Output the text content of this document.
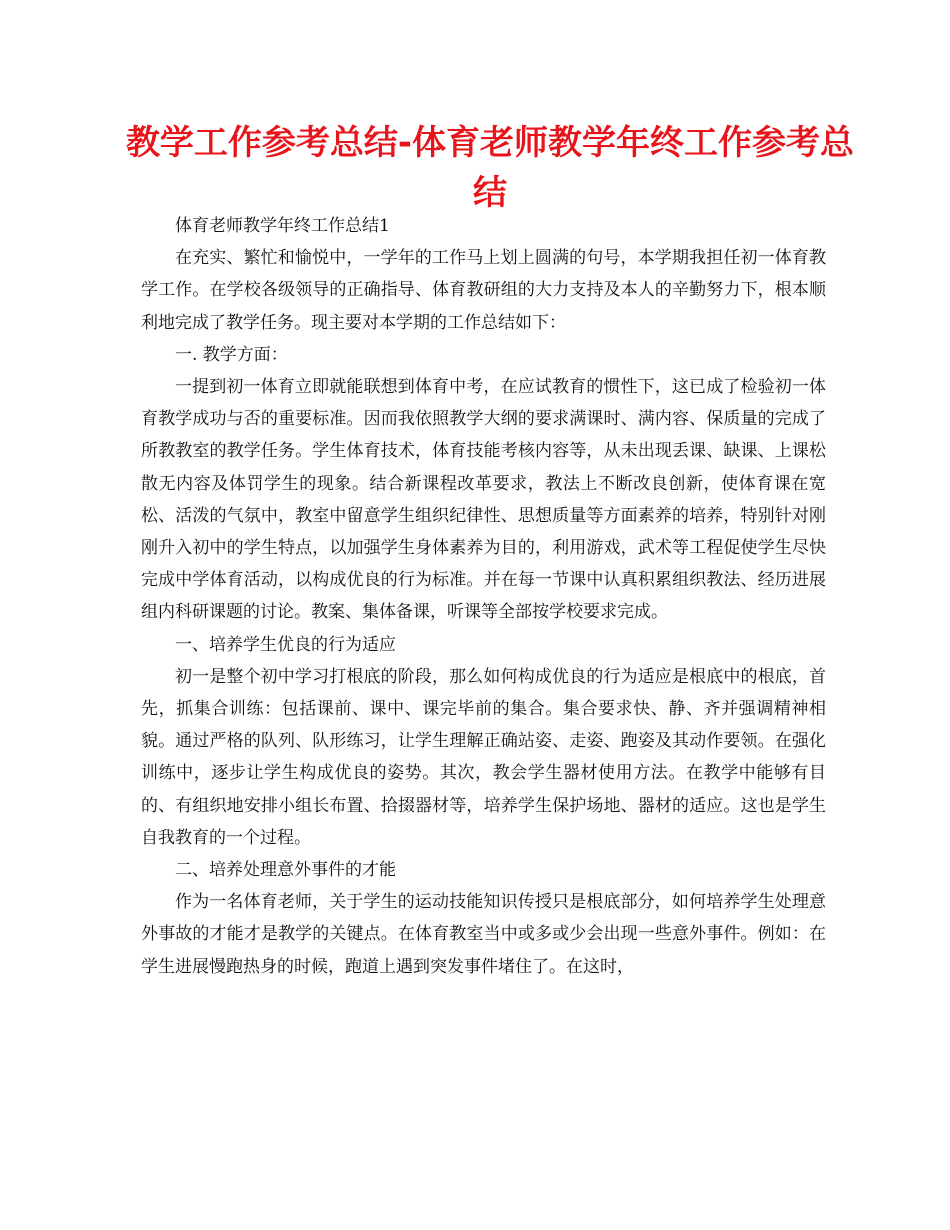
教学工作参考总结-体育老师教学年终工作参考总结

体育老师教学年终工作总结1

在充实、繁忙和愉悦中，一学年的工作马上划上圆满的句号，本学期我担任初一体育教学工作。在学校各级领导的正确指导、体育教研组的大力支持及本人的辛勤努力下，根本顺利地完成了教学任务。现主要对本学期的工作总结如下：

一. 教学方面：

一提到初一体育立即就能联想到体育中考，在应试教育的惯性下，这已成了检验初一体育教学成功与否的重要标准。因而我依照教学大纲的要求满课时、满内容、保质量的完成了所教教室的教学任务。学生体育技术，体育技能考核内容等，从未出现丢课、缺课、上课松散无内容及体罚学生的现象。结合新课程改革要求，教法上不断改良创新，使体育课在宽松、活泼的气氛中，教室中留意学生组织纪律性、思想质量等方面素养的培养，特别针对刚刚升入初中的学生特点，以加强学生身体素养为目的，利用游戏，武术等工程促使学生尽快完成中学体育活动，以构成优良的行为标准。并在每一节课中认真积累组织教法、经历进展组内科研课题的讨论。教案、集体备课，听课等全部按学校要求完成。

一、培养学生优良的行为适应

初一是整个初中学习打根底的阶段，那么如何构成优良的行为适应是根底中的根底，首先，抓集合训练：包括课前、课中、课完毕前的集合。集合要求快、静、齐并强调精神相貌。通过严格的队列、队形练习，让学生理解正确站姿、走姿、跑姿及其动作要领。在强化训练中，逐步让学生构成优良的姿势。其次，教会学生器材使用方法。在教学中能够有目的、有组织地安排小组长布置、拾掇器材等，培养学生保护场地、器材的适应。这也是学生自我教育的一个过程。

二、培养处理意外事件的才能

作为一名体育老师，关于学生的运动技能知识传授只是根底部分，如何培养学生处理意外事故的才能才是教学的关键点。在体育教室当中或多或少会出现一些意外事件。例如：在学生进展慢跑热身的时候，跑道上遇到突发事件堵住了。在这时，
